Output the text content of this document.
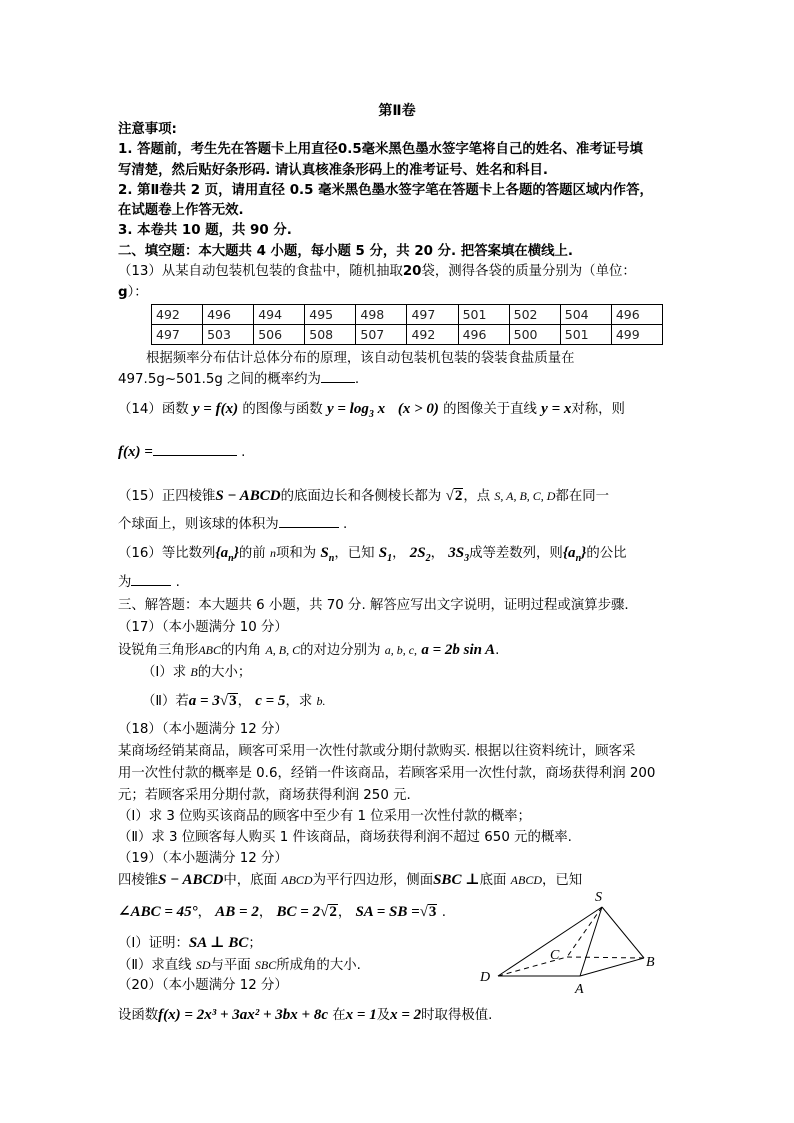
第Ⅱ卷
注意事项:
1. 答题前，考生先在答题卡上用直径0.5毫米黑色墨水签字笔将自己的姓名、准考证号填
写清楚，然后贴好条形码. 请认真核准条形码上的准考证号、姓名和科目.
2. 第Ⅱ卷共 2 页，请用直径 0.5 毫米黑色墨水签字笔在答题卡上各题的答题区域内作答，
在试题卷上作答无效.
3. 本卷共 10 题，共 90 分.
二、填空题：本大题共 4 小题，每小题 5 分，共 20 分. 把答案填在横线上.
（13）从某自动包装机包装的食盐中，随机抽取20袋，测得各袋的质量分别为（单位：
g）：
492	496	494	495	498	497	501	502	504	496
497	503	506	508	507	492	496	500	501	499
根据频率分布估计总体分布的原理，该自动包装机包装的袋装食盐质量在
497.5g~501.5g 之间的概率约为	.
（14）函数 y = f(x) 的图像与函数 $y = \log_3 x$ (x > 0) 的图像关于直线 y = x对称，则
f(x) =	.
（15）正四棱锥S − ABCD的底面边长和各侧棱长都为 √2，点 S, A, B, C, D都在同一
个球面上，则该球的体积为	.
（16）等比数列$\{a_n\}$的前 n项和为 $S_n$，已知 $S_1$， $2S_2$， $3S_3$成等差数列，则$\{a_n\}$的公比
为	.
三、解答题：本大题共 6 小题，共 70 分. 解答应写出文字说明，证明过程或演算步骤.
（17）（本小题满分 10 分）
设锐角三角形ABC的内角 A, B, C的对边分别为 a, b, c, a = 2b sin A.
（Ⅰ）求 B的大小；
（Ⅱ）若a = 3√3， c = 5，求 b.
（18）（本小题满分 12 分）
某商场经销某商品，顾客可采用一次性付款或分期付款购买. 根据以往资料统计，顾客采
用一次性付款的概率是 0.6，经销一件该商品，若顾客采用一次性付款，商场获得利润 200
元；若顾客采用分期付款，商场获得利润 250 元.
（Ⅰ）求 3 位购买该商品的顾客中至少有 1 位采用一次性付款的概率；
（Ⅱ）求 3 位顾客每人购买 1 件该商品，商场获得利润不超过 650 元的概率.
（19）（本小题满分 12 分）
四棱锥S − ABCD中，底面 ABCD为平行四边形，侧面SBC ⊥底面 ABCD，已知
∠ABC = 45°， AB = 2， BC = 2√2， SA = SB =√3 .
（Ⅰ）证明：SA ⊥ BC；
（Ⅱ）求直线 SD与平面 SBC所成角的大小.
S
B
C
D
A
（20）（本小题满分 12 分）
设函数f(x) = 2x³ + 3ax² + 3bx + 8c 在x = 1及x = 2时取得极值.
